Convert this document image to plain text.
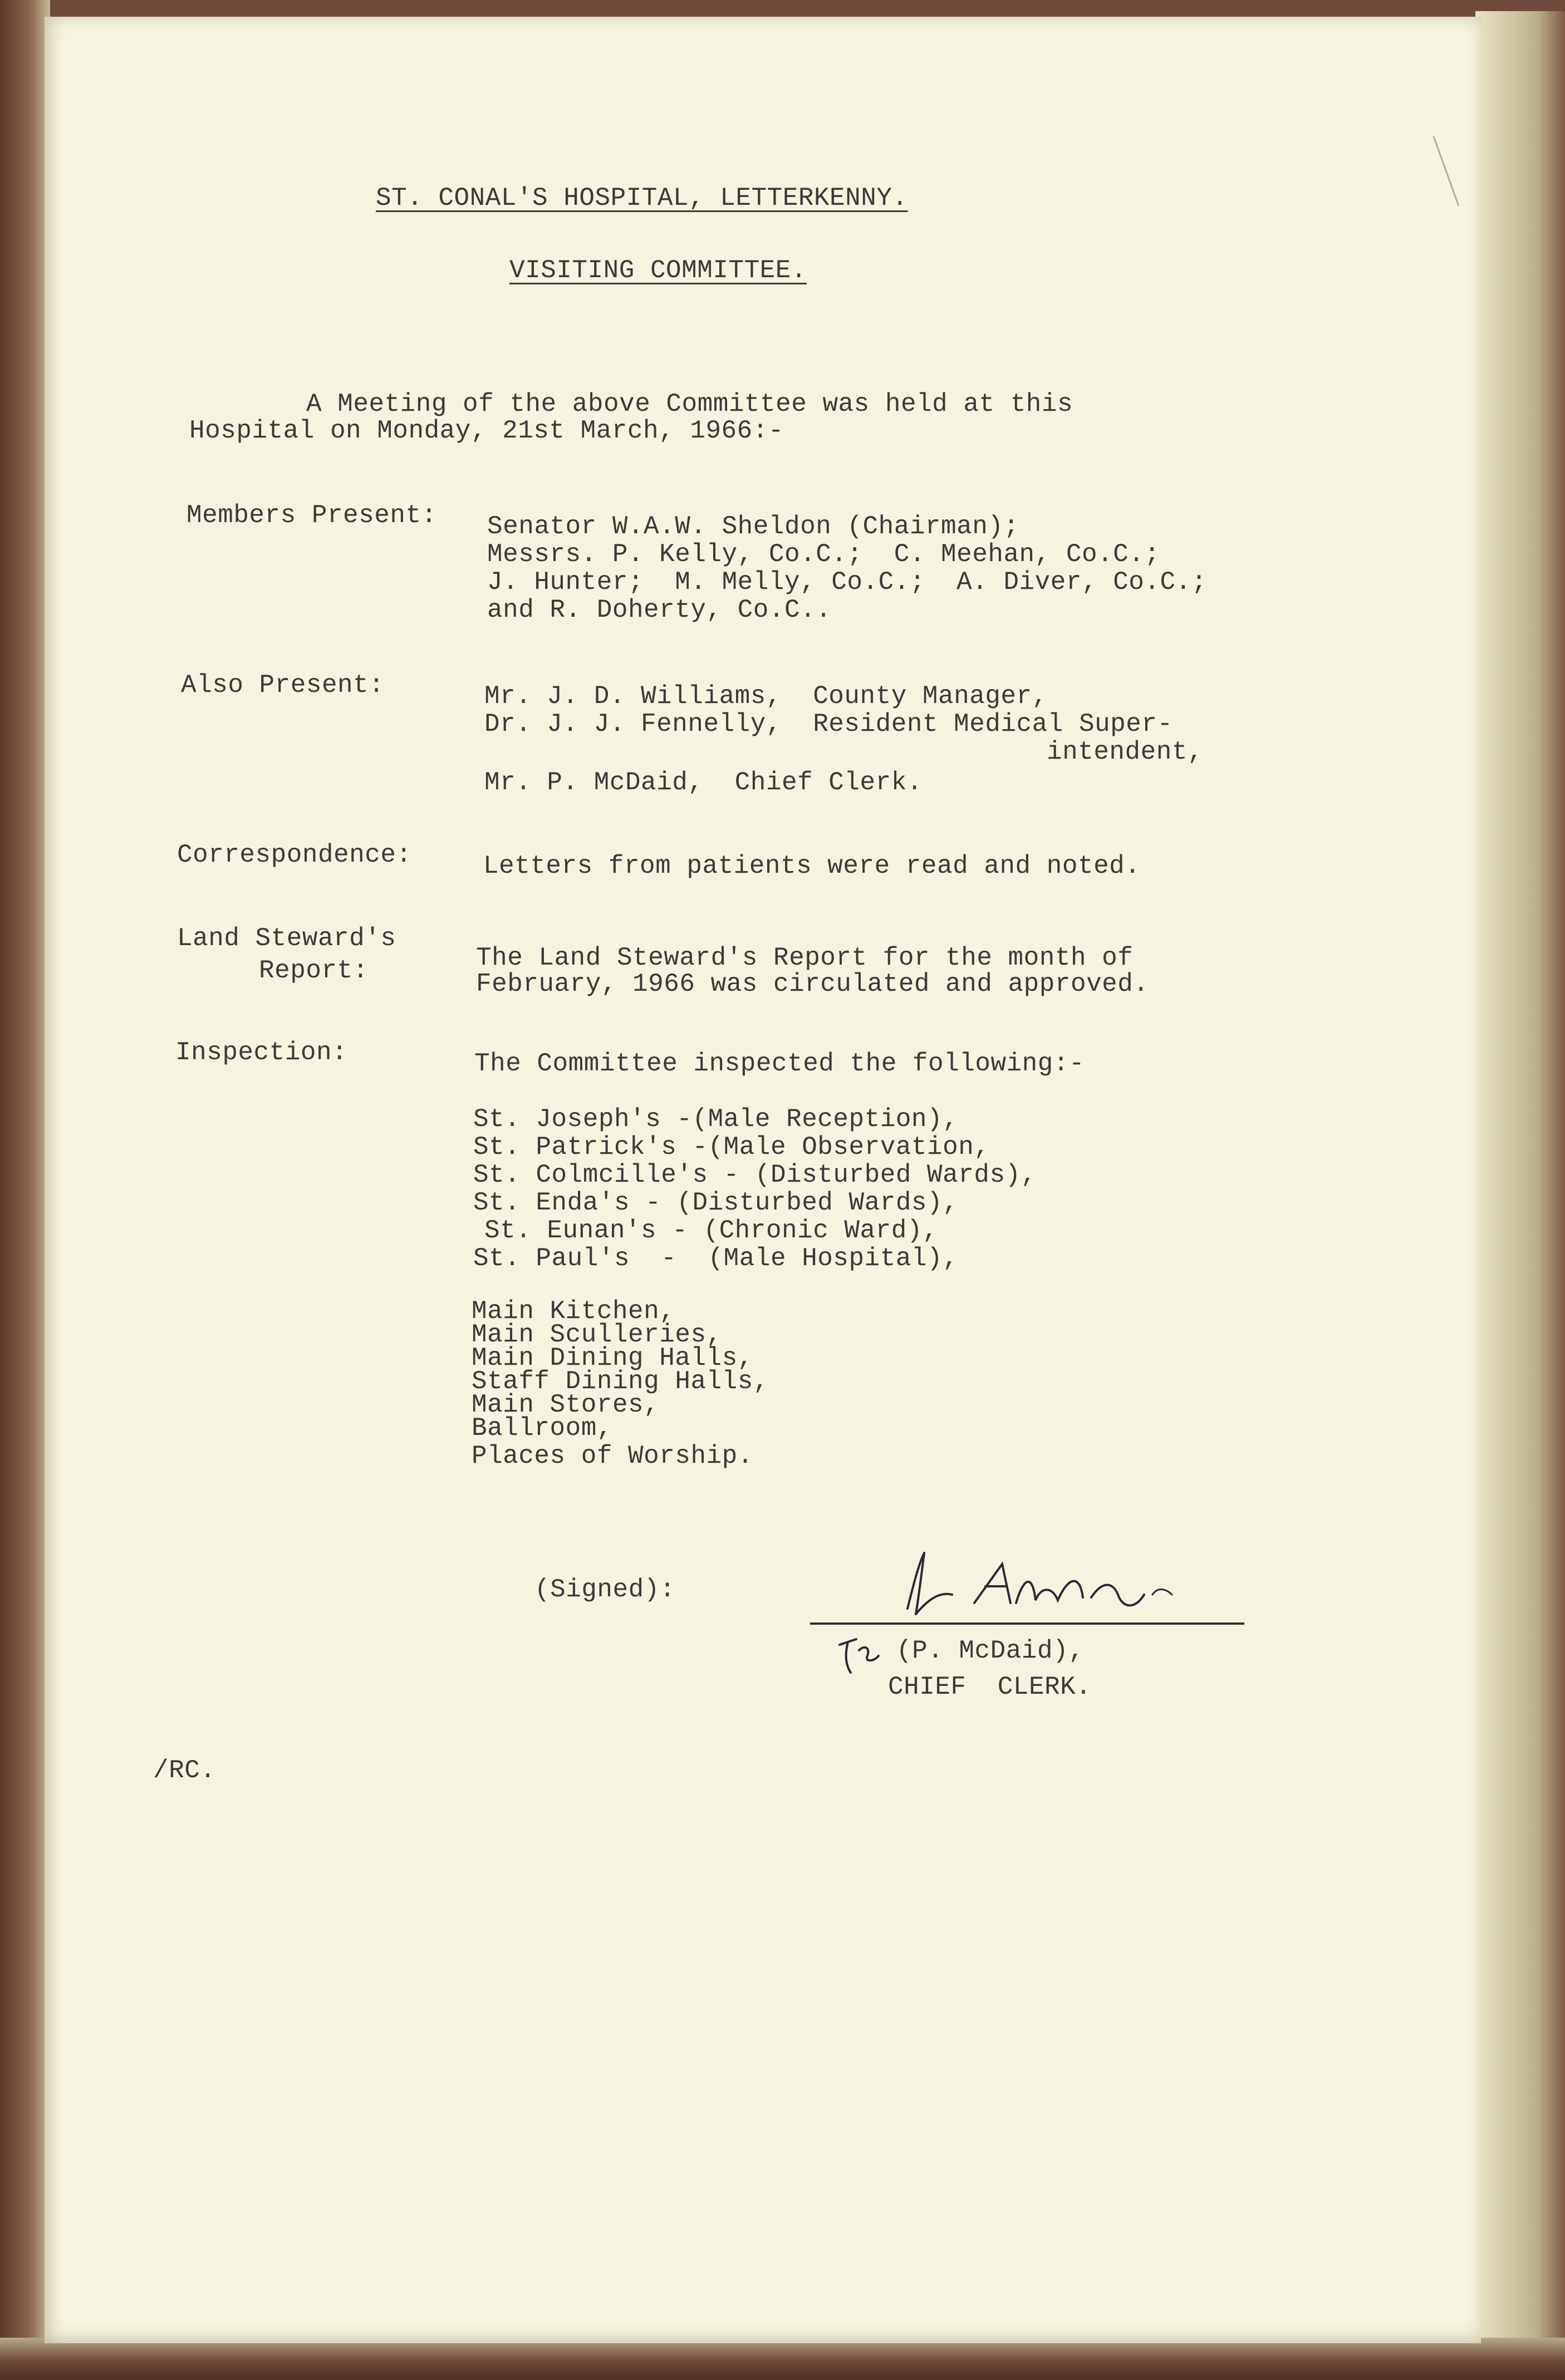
ST. CONAL'S HOSPITAL, LETTERKENNY.
VISITING COMMITTEE.
A Meeting of the above Committee was held at this
Hospital on Monday, 21st March, 1966:-
Members Present: Senator W.A.W. Sheldon (Chairman);
Messrs. P. Kelly, Co.C.;  C. Meehan, Co.C.;
J. Hunter;  M. Melly, Co.C.;  A. Diver, Co.C.;
and R. Doherty, Co.C..
Also Present:	Mr. J. D. Williams,  County Manager,
Dr. J. J. Fennelly,  Resident Medical Super-
intendent,
Mr. P. McDaid,  Chief Clerk.
Correspondence:	Letters from patients were read and noted.
Land Steward's
Report:	The Land Steward's Report for the month of
February, 1966 was circulated and approved.
Inspection:	The Committee inspected the following:-
St. Joseph's -(Male Reception),
St. Patrick's -(Male Observation,
St. Colmcille's - (Disturbed Wards),
St. Enda's - (Disturbed Wards),
St. Eunan's - (Chronic Ward),
St. Paul's  -  (Male Hospital),
Main Kitchen,
Main Sculleries,
Main Dining Halls,
Staff Dining Halls,
Main Stores,
Ballroom,
Places of Worship.
(Signed):
(P. McDaid),
CHIEF  CLERK.
/RC.
